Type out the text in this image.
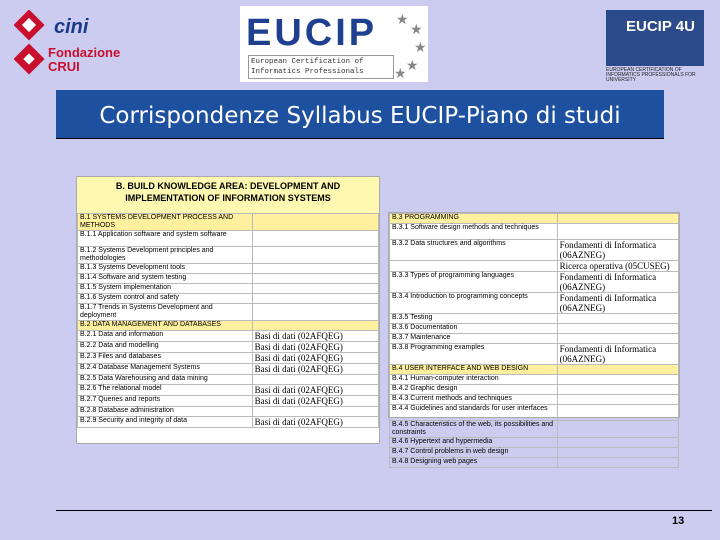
cini
Fondazione CRUI
EUCIP
European Certification of Informatics Professionals
★
★
★
★
★
EUCIP 4U
EUROPEAN CERTIFICATION OF INFORMATICS PROFESSIONALS FOR UNIVERSITY
Corrispondenze Syllabus EUCIP-Piano di studi
B. BUILD KNOWLEDGE AREA: DEVELOPMENT AND IMPLEMENTATION OF INFORMATION SYSTEMS
B.1 SYSTEMS DEVELOPMENT PROCESS AND METHODS	
B.1.1 Application software and system software	
B.1.2 Systems Development principles and methodologies	
B.1.3 Systems Development tools	
B.1.4 Software and system testing	
B.1.5 System implementation	
B.1.6 System control and safety	
B.1.7 Trends in Systems Development and deployment	
B.2 DATA MANAGEMENT AND DATABASES	
B.2.1 Data and information	Basi di dati (02AFQEG)
B.2.2 Data and modelling	Basi di dati (02AFQEG)
B.2.3 Files and databases	Basi di dati (02AFQEG)
B.2.4 Database Management Systems	Basi di dati (02AFQEG)
B.2.5 Data Warehousing and data mining	
B.2.6 The relational model	Basi di dati (02AFQEG)
B.2.7 Queries and reports	Basi di dati (02AFQEG)
B.2.8 Database administration	
B.2.9 Security and integrity of data	Basi di dati (02AFQEG)
B.3 PROGRAMMING	
B.3.1 Software design methods and techniques	
B.3.2 Data structures and algorithms	Fondamenti di Informatica (06AZNEG)
	Ricerca operativa (05CUSEG)
B.3.3 Types of programming languages	Fondamenti di Informatica (06AZNEG)
B.3.4 Introduction to programming concepts	Fondamenti di Informatica (06AZNEG)
B.3.5 Testing	
B.3.6 Documentation	
B.3.7 Maintenance	
B.3.8 Programming examples	Fondamenti di Informatica (06AZNEG)
B.4 USER INTERFACE AND WEB DESIGN	
B.4.1 Human-computer interaction	
B.4.2 Graphic design	
B.4.3 Current methods and techniques	
B.4.4 Guidelines and standards for user interfaces	
B.4.5 Characteristics of the web, its possibilities and constraints	
B.4.6 Hypertext and hypermedia	
B.4.7 Control problems in web design	
B.4.8 Designing web pages	
13
